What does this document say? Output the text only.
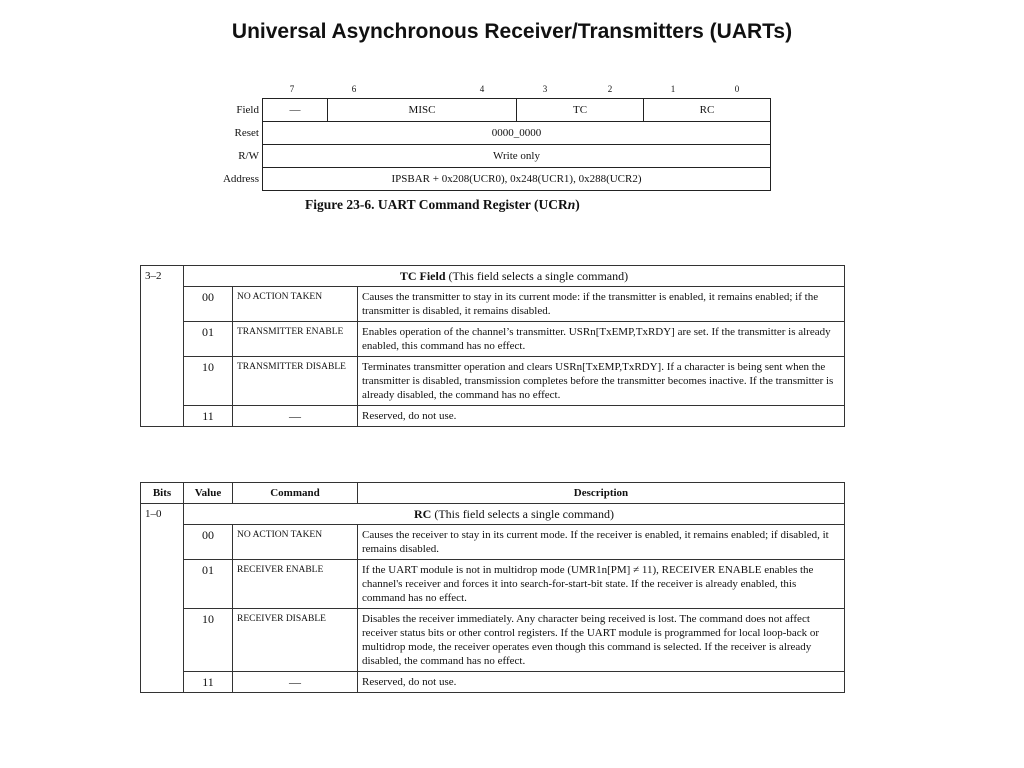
Universal Asynchronous Receiver/Transmitters (UARTs)
7	6	4	3	2	1	0
Field	—	MISC	TC	RC
Reset	0000_0000			
R/W	Write only			
Address	IPSBAR + 0x208(UCR0), 0x248(UCR1), 0x288(UCR2)			

Figure 23-6. UART Command Register (UCRn)

3–2	TC Field (This field selects a single command)		
	00	NO ACTION TAKEN	Causes the transmitter to stay in its current mode: if the transmitter is enabled, it remains enabled; if the transmitter is disabled, it remains disabled.
	01	TRANSMITTER ENABLE	Enables operation of the channel’s transmitter. USRn[TxEMP,TxRDY] are set. If the transmitter is already enabled, this command has no effect.
	10	TRANSMITTER DISABLE	Terminates transmitter operation and clears USRn[TxEMP,TxRDY]. If a character is being sent when the transmitter is disabled, transmission completes before the transmitter becomes inactive. If the transmitter is already disabled, the command has no effect.
	11	—	Reserved, do not use.
Bits	Value	Command	Description
1–0	RC (This field selects a single command)		
	00	NO ACTION TAKEN	Causes the receiver to stay in its current mode. If the receiver is enabled, it remains enabled; if disabled, it remains disabled.
	01	RECEIVER ENABLE	If the UART module is not in multidrop mode (UMR1n[PM] ≠ 11), RECEIVER ENABLE enables the channel's receiver and forces it into search-for-start-bit state. If the receiver is already enabled, this command has no effect.
	10	RECEIVER DISABLE	Disables the receiver immediately. Any character being received is lost. The command does not affect receiver status bits or other control registers. If the UART module is programmed for local loop-back or multidrop mode, the receiver operates even though this command is selected. If the receiver is already disabled, the command has no effect.
	11	—	Reserved, do not use.
